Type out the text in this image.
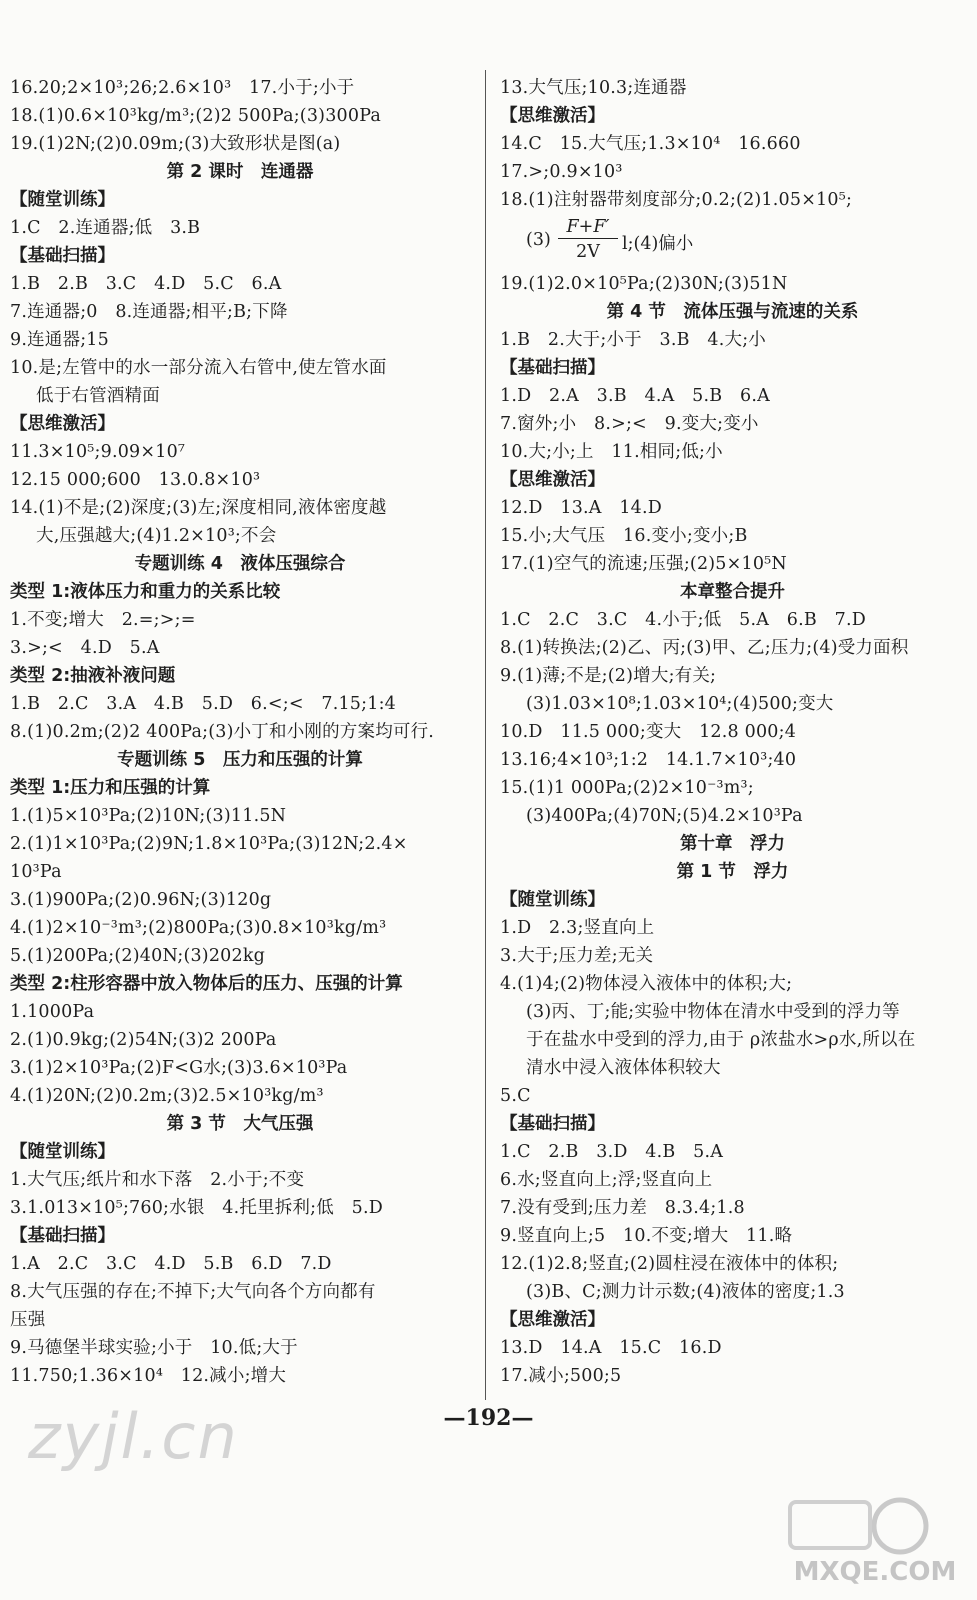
16.20;2×10³;26;2.6×10³　17.小于;小于
18.(1)0.6×10³kg/m³;(2)2 500Pa;(3)300Pa
19.(1)2N;(2)0.09m;(3)大致形状是图(a)
第 2 课时　连通器
【随堂训练】
1.C　2.连通器;低　3.B
【基础扫描】
1.B　2.B　3.C　4.D　5.C　6.A
7.连通器;0　8.连通器;相平;B;下降
9.连通器;15
10.是;左管中的水一部分流入右管中,使左管水面
低于右管酒精面
【思维激活】
11.3×10⁵;9.09×10⁷
12.15 000;600　13.0.8×10³
14.(1)不是;(2)深度;(3)左;深度相同,液体密度越
大,压强越大;(4)1.2×10³;不会
专题训练 4　液体压强综合
类型 1:液体压力和重力的关系比较
1.不变;增大　2.=;>;=
3.>;<　4.D　5.A
类型 2:抽液补液问题
1.B　2.C　3.A　4.B　5.D　6.<;<　7.15;1:4
8.(1)0.2m;(2)2 400Pa;(3)小丁和小刚的方案均可行.
专题训练 5　压力和压强的计算
类型 1:压力和压强的计算
1.(1)5×10³Pa;(2)10N;(3)11.5N
2.(1)1×10³Pa;(2)9N;1.8×10³Pa;(3)12N;2.4×
10³Pa
3.(1)900Pa;(2)0.96N;(3)120g
4.(1)2×10⁻³m³;(2)800Pa;(3)0.8×10³kg/m³
5.(1)200Pa;(2)40N;(3)202kg
类型 2:柱形容器中放入物体后的压力、压强的计算
1.1000Pa
2.(1)0.9kg;(2)54N;(3)2 200Pa
3.(1)2×10³Pa;(2)F<G水;(3)3.6×10³Pa
4.(1)20N;(2)0.2m;(3)2.5×10³kg/m³
第 3 节　大气压强
【随堂训练】
1.大气压;纸片和水下落　2.小于;不变
3.1.013×10⁵;760;水银　4.托里拆利;低　5.D
【基础扫描】
1.A　2.C　3.C　4.D　5.B　6.D　7.D
8.大气压强的存在;不掉下;大气向各个方向都有
压强
9.马德堡半球实验;小于　10.低;大于
11.750;1.36×10⁴　12.减小;增大
13.大气压;10.3;连通器
【思维激活】
14.C　15.大气压;1.3×10⁴　16.660
17.>;0.9×10³
18.(1)注射器带刻度部分;0.2;(2)1.05×10⁵;
$(3) \frac{F+F'}{2V}$ l;(4)偏小
19.(1)2.0×10⁵Pa;(2)30N;(3)51N
第 4 节　流体压强与流速的关系
1.B　2.大于;小于　3.B　4.大;小
【基础扫描】
1.D　2.A　3.B　4.A　5.B　6.A
7.窗外;小　8.>;<　9.变大;变小
10.大;小;上　11.相同;低;小
【思维激活】
12.D　13.A　14.D
15.小;大气压　16.变小;变小;B
17.(1)空气的流速;压强;(2)5×10⁵N
本章整合提升
1.C　2.C　3.C　4.小于;低　5.A　6.B　7.D
8.(1)转换法;(2)乙、丙;(3)甲、乙;压力;(4)受力面积
9.(1)薄;不是;(2)增大;有关;
(3)1.03×10⁸;1.03×10⁴;(4)500;变大
10.D　11.5 000;变大　12.8 000;4
13.16;4×10³;1:2　14.1.7×10³;40
15.(1)1 000Pa;(2)2×10⁻³m³;
(3)400Pa;(4)70N;(5)4.2×10³Pa
第十章　浮力
第 1 节　浮力
【随堂训练】
1.D　2.3;竖直向上
3.大于;压力差;无关
4.(1)4;(2)物体浸入液体中的体积;大;
(3)丙、丁;能;实验中物体在清水中受到的浮力等
于在盐水中受到的浮力,由于 ρ浓盐水>ρ水,所以在
清水中浸入液体体积较大
5.C
【基础扫描】
1.C　2.B　3.D　4.B　5.A
6.水;竖直向上;浮;竖直向上
7.没有受到;压力差　8.3.4;1.8
9.竖直向上;5　10.不变;增大　11.略
12.(1)2.8;竖直;(2)圆柱浸在液体中的体积;
(3)B、C;测力计示数;(4)液体的密度;1.3
【思维激活】
13.D　14.A　15.C　16.D
17.减小;500;5
—192—
zyjl.cn
MXQE.COM
